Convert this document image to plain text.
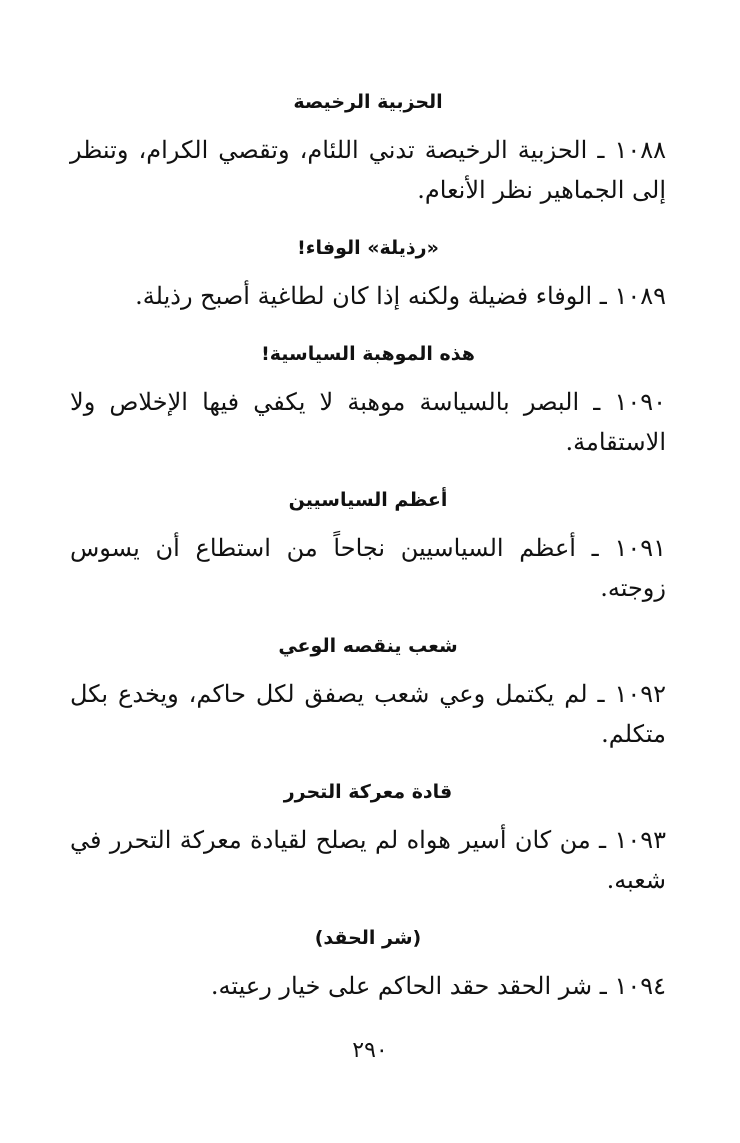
الحزبية الرخيصة

١٠٨٨ ـ الحزبية الرخيصة تدني اللئام، وتقصي الكرام، وتنظر إلى الجماهير نظر الأنعام.

«رذيلة» الوفاء!

١٠٨٩ ـ الوفاء فضيلة ولكنه إذا كان لطاغية أصبح رذيلة.

هذه الموهبة السياسية!

١٠٩٠ ـ البصر بالسياسة موهبة لا يكفي فيها الإخلاص ولا الاستقامة.

أعظم السياسيين

١٠٩١ ـ أعظم السياسيين نجاحاً من استطاع أن يسوس زوجته.

شعب ينقصه الوعي

١٠٩٢ ـ لم يكتمل وعي شعب يصفق لكل حاكم، ويخدع بكل متكلم.

قادة معركة التحرر

١٠٩٣ ـ من كان أسير هواه لم يصلح لقيادة معركة التحرر في شعبه.

(شر الحقد)

١٠٩٤ ـ شر الحقد حقد الحاكم على خيار رعيته.

٢٩٠
